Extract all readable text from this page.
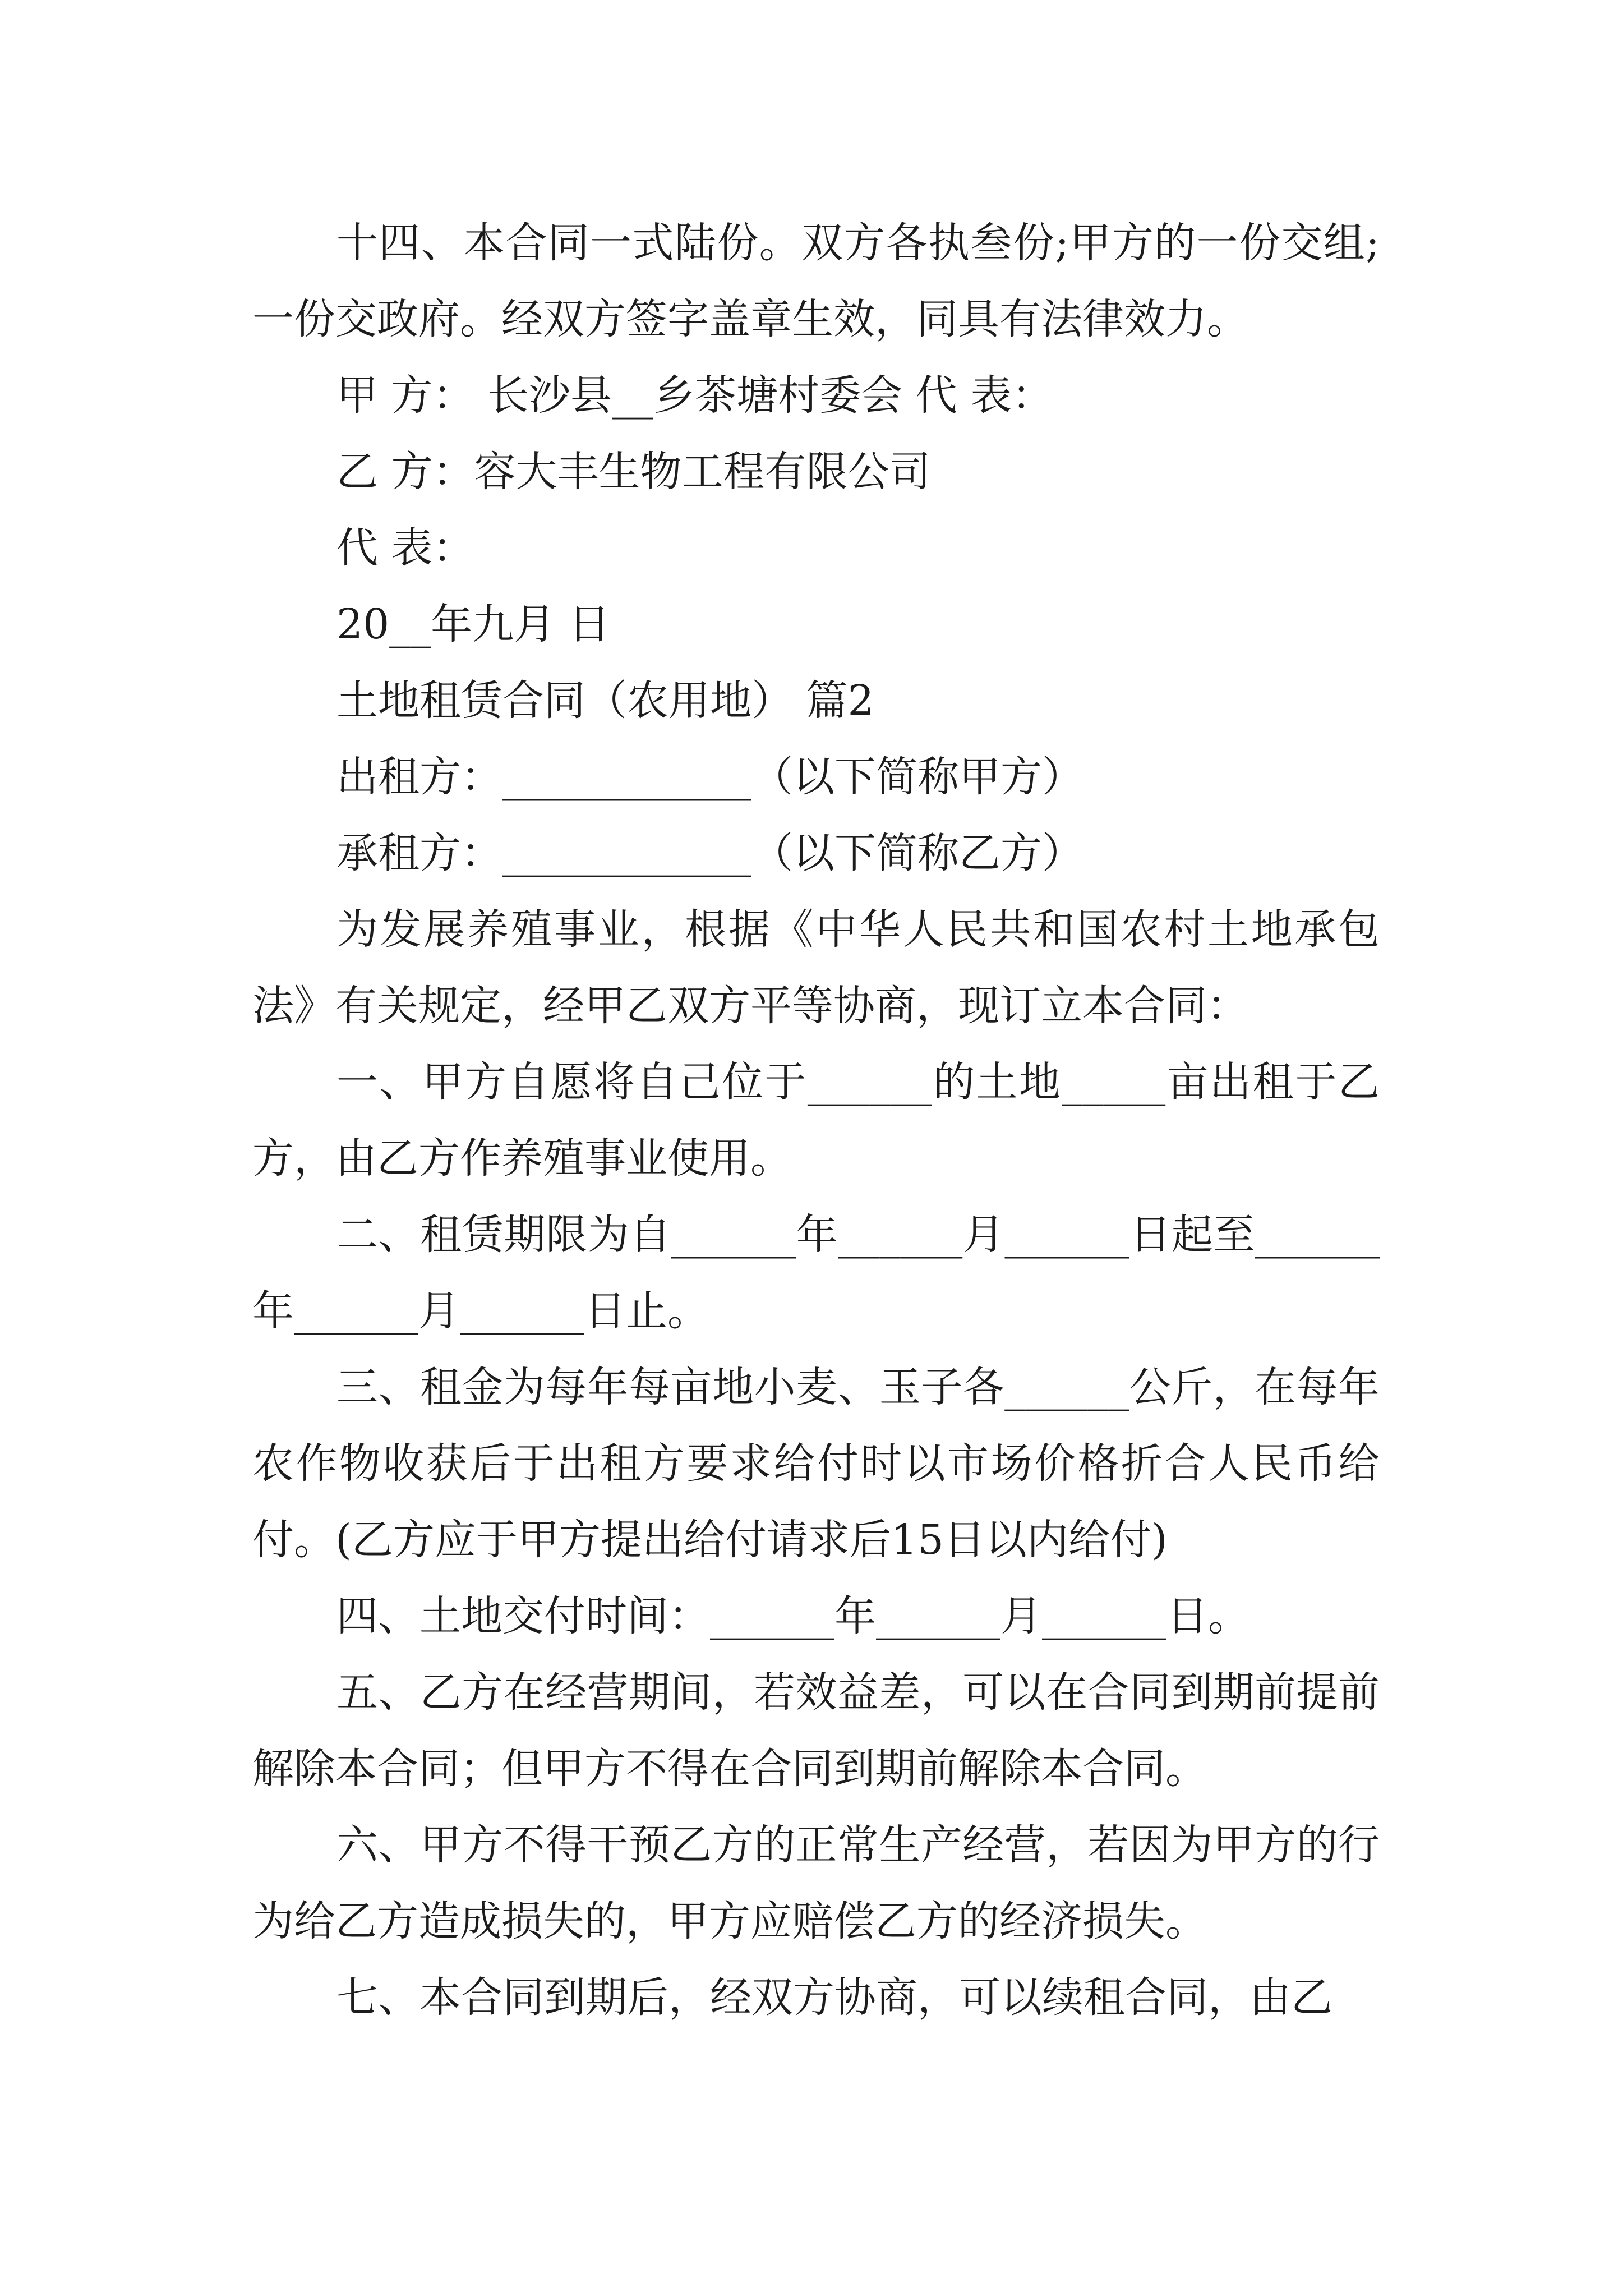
十四、本合同一式陆份。双方各执叁份;甲方的一份交组;一份交政府。经双方签字盖章生效，同具有法律效力。

甲 方： 长沙县__乡茶塘村委会 代 表：

乙 方：容大丰生物工程有限公司

代 表：

20__年九月 日

土地租赁合同（农用地） 篇2

出租方：____________（以下简称甲方）

承租方：____________（以下简称乙方）

为发展养殖事业，根据《中华人民共和国农村土地承包法》有关规定，经甲乙双方平等协商，现订立本合同：

一、甲方自愿将自己位于______的土地_____亩出租于乙方，由乙方作养殖事业使用。

二、租赁期限为自______年______月______日起至______年______月______日止。

三、租金为每年每亩地小麦、玉子各______公斤，在每年农作物收获后于出租方要求给付时以市场价格折合人民币给付。(乙方应于甲方提出给付请求后15日以内给付)

四、土地交付时间：______年______月______日。

五、乙方在经营期间，若效益差，可以在合同到期前提前解除本合同；但甲方不得在合同到期前解除本合同。

六、甲方不得干预乙方的正常生产经营，若因为甲方的行为给乙方造成损失的，甲方应赔偿乙方的经济损失。

七、本合同到期后，经双方协商，可以续租合同，由乙
